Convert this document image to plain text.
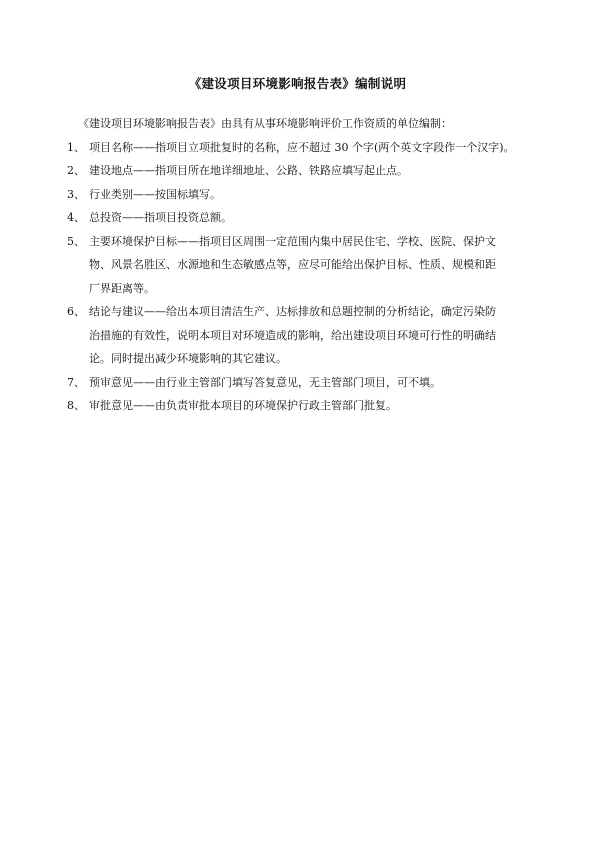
《建设项目环境影响报告表》编制说明
《建设项目环境影响报告表》由具有从事环境影响评价工作资质的单位编制：
1、 项目名称——指项目立项批复时的名称，应不超过 30 个字(两个英文字段作一个汉字)。
2、 建设地点——指项目所在地详细地址、公路、铁路应填写起止点。
3、 行业类别——按国标填写。
4、 总投资——指项目投资总额。
5、 主要环境保护目标——指项目区周围一定范围内集中居民住宅、学校、医院、保护文
物、风景名胜区、水源地和生态敏感点等，应尽可能给出保护目标、性质、规模和距
厂界距离等。
6、 结论与建议——给出本项目清洁生产、达标排放和总题控制的分析结论，确定污染防
治措施的有效性，说明本项目对环境造成的影响，给出建设项目环境可行性的明确结
论。同时提出减少环境影响的其它建议。
7、 预审意见——由行业主管部门填写答复意见，无主管部门项目，可不填。
8、 审批意见——由负责审批本项目的环境保护行政主管部门批复。
